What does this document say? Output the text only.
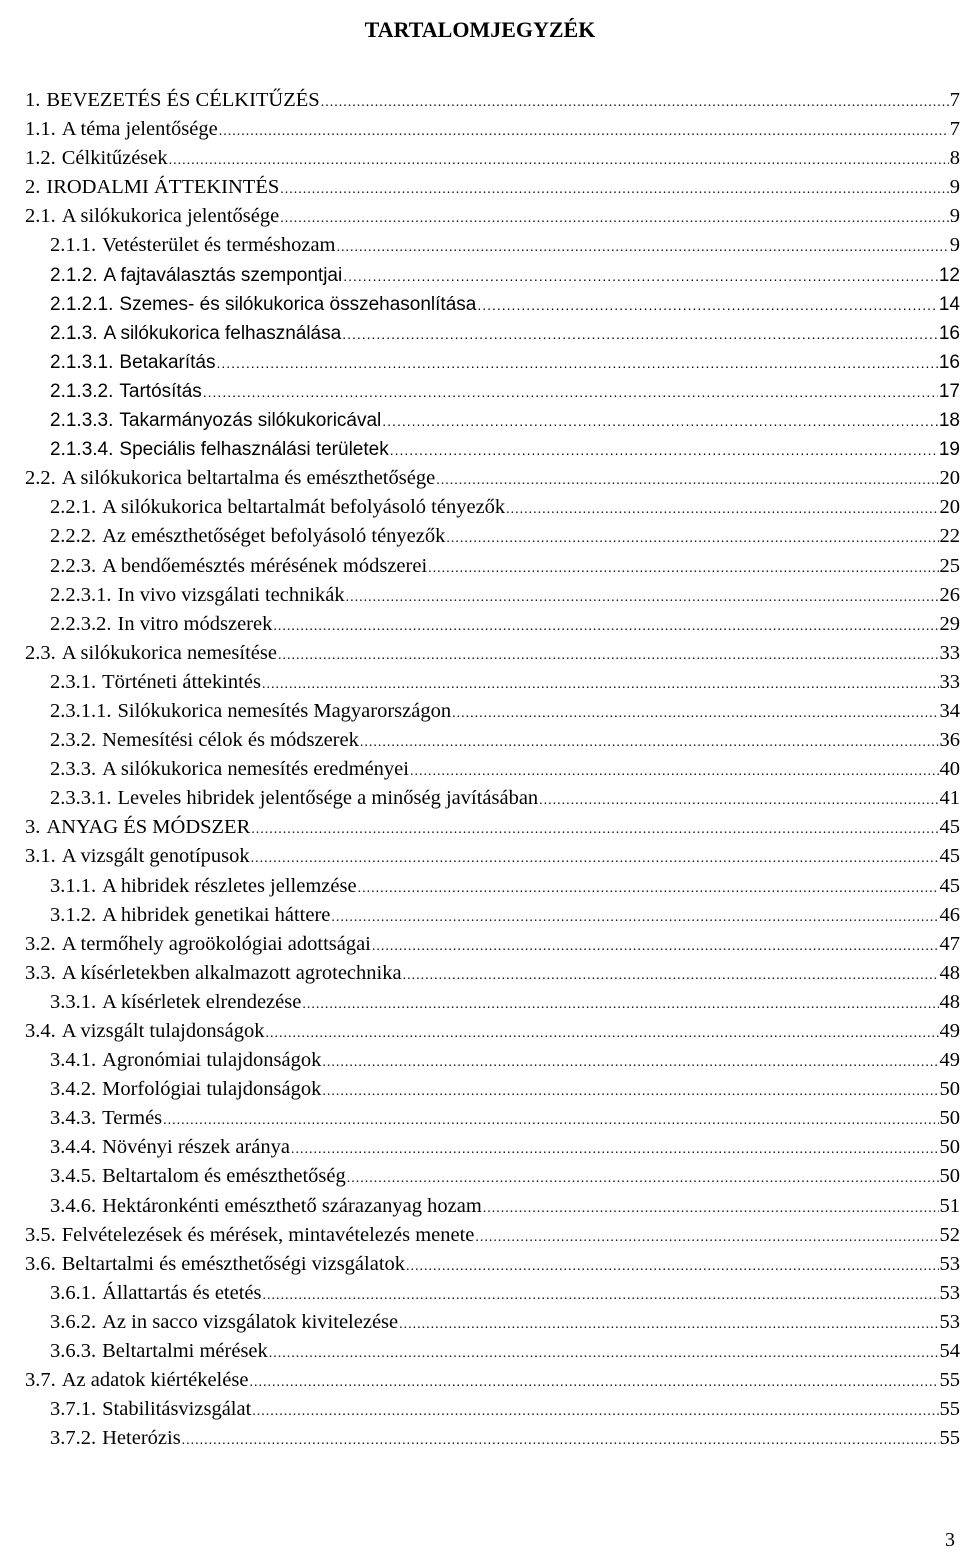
TARTALOMJEGYZÉK
1. BEVEZETÉS ÉS CÉLKITŰZÉS .....	7
1.1. A téma jelentősége .....	7
1.2. Célkitűzések .....	8
2. IRODALMI ÁTTEKINTÉS .....	9
2.1. A silókukorica jelentősége .....	9
2.1.1. Vetésterület és terméshozam .....	9
2.1.2. A fajtaválasztás szempontjai .....	12
2.1.2.1. Szemes- és silókukorica összehasonlítása .....	14
2.1.3. A silókukorica felhasználása .....	16
2.1.3.1. Betakarítás .....	16
2.1.3.2. Tartósítás .....	17
2.1.3.3. Takarmányozás silókukoricával .....	18
2.1.3.4. Speciális felhasználási területek .....	19
2.2. A silókukorica beltartalma és emészthetősége .....	20
2.2.1. A silókukorica beltartalmát befolyásoló tényezők .....	20
2.2.2. Az emészthetőséget befolyásoló tényezők .....	22
2.2.3. A bendőemésztés mérésének módszerei .....	25
2.2.3.1. In vivo vizsgálati technikák .....	26
2.2.3.2. In vitro módszerek .....	29
2.3. A silókukorica nemesítése .....	33
2.3.1. Történeti áttekintés .....	33
2.3.1.1. Silókukorica nemesítés Magyarországon .....	34
2.3.2. Nemesítési célok és módszerek .....	36
2.3.3. A silókukorica nemesítés eredményei .....	40
2.3.3.1. Leveles hibridek jelentősége a minőség javításában .....	41
3. ANYAG ÉS MÓDSZER .....	45
3.1. A vizsgált genotípusok .....	45
3.1.1. A hibridek részletes jellemzése .....	45
3.1.2. A hibridek genetikai háttere .....	46
3.2. A termőhely agroökológiai adottságai .....	47
3.3. A kísérletekben alkalmazott agrotechnika .....	48
3.3.1. A kísérletek elrendezése .....	48
3.4. A vizsgált tulajdonságok .....	49
3.4.1. Agronómiai tulajdonságok .....	49
3.4.2. Morfológiai tulajdonságok .....	50
3.4.3. Termés .....	50
3.4.4. Növényi részek aránya .....	50
3.4.5. Beltartalom és emészthetőség .....	50
3.4.6. Hektáronkénti emészthető szárazanyag hozam .....	51
3.5. Felvételezések és mérések, mintavételezés menete .....	52
3.6. Beltartalmi és emészthetőségi vizsgálatok .....	53
3.6.1. Állattartás és etetés .....	53
3.6.2. Az in sacco vizsgálatok kivitelezése .....	53
3.6.3. Beltartalmi mérések .....	54
3.7. Az adatok kiértékelése .....	55
3.7.1. Stabilitásvizsgálat .....	55
3.7.2. Heterózis .....	55
3
